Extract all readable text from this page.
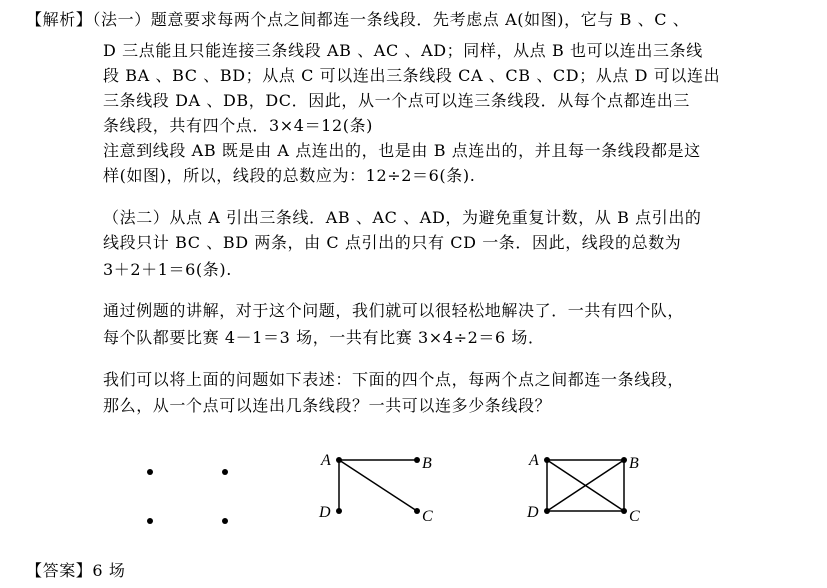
【解析】（法一）题意要求每两个点之间都连一条线段．先考虑点 A(如图)，它与 B 、C 、
D 三点能且只能连接三条线段 AB 、AC 、AD；同样，从点 B 也可以连出三条线
段 BA 、BC 、BD；从点 C 可以连出三条线段 CA 、CB 、CD；从点 D 可以连出
三条线段 DA 、DB，DC．因此，从一个点可以连三条线段．从每个点都连出三
条线段，共有四个点．3×4＝12(条)
注意到线段 AB 既是由 A 点连出的，也是由 B 点连出的，并且每一条线段都是这
样(如图)，所以，线段的总数应为：12÷2＝6(条).
（法二）从点 A 引出三条线．AB 、AC 、AD，为避免重复计数，从 B 点引出的
线段只计 BC 、BD 两条，由 C 点引出的只有 CD 一条．因此，线段的总数为
3＋2＋1＝6(条).
通过例题的讲解，对于这个问题，我们就可以很轻松地解决了．一共有四个队，
每个队都要比赛 4－1＝3 场，一共有比赛 3×4÷2＝6 场．
我们可以将上面的问题如下表述：下面的四个点，每两个点之间都连一条线段，
那么，从一个点可以连出几条线段？一共可以连多少条线段？
A	B
D	C
A	B
D	C
【答案】6 场
